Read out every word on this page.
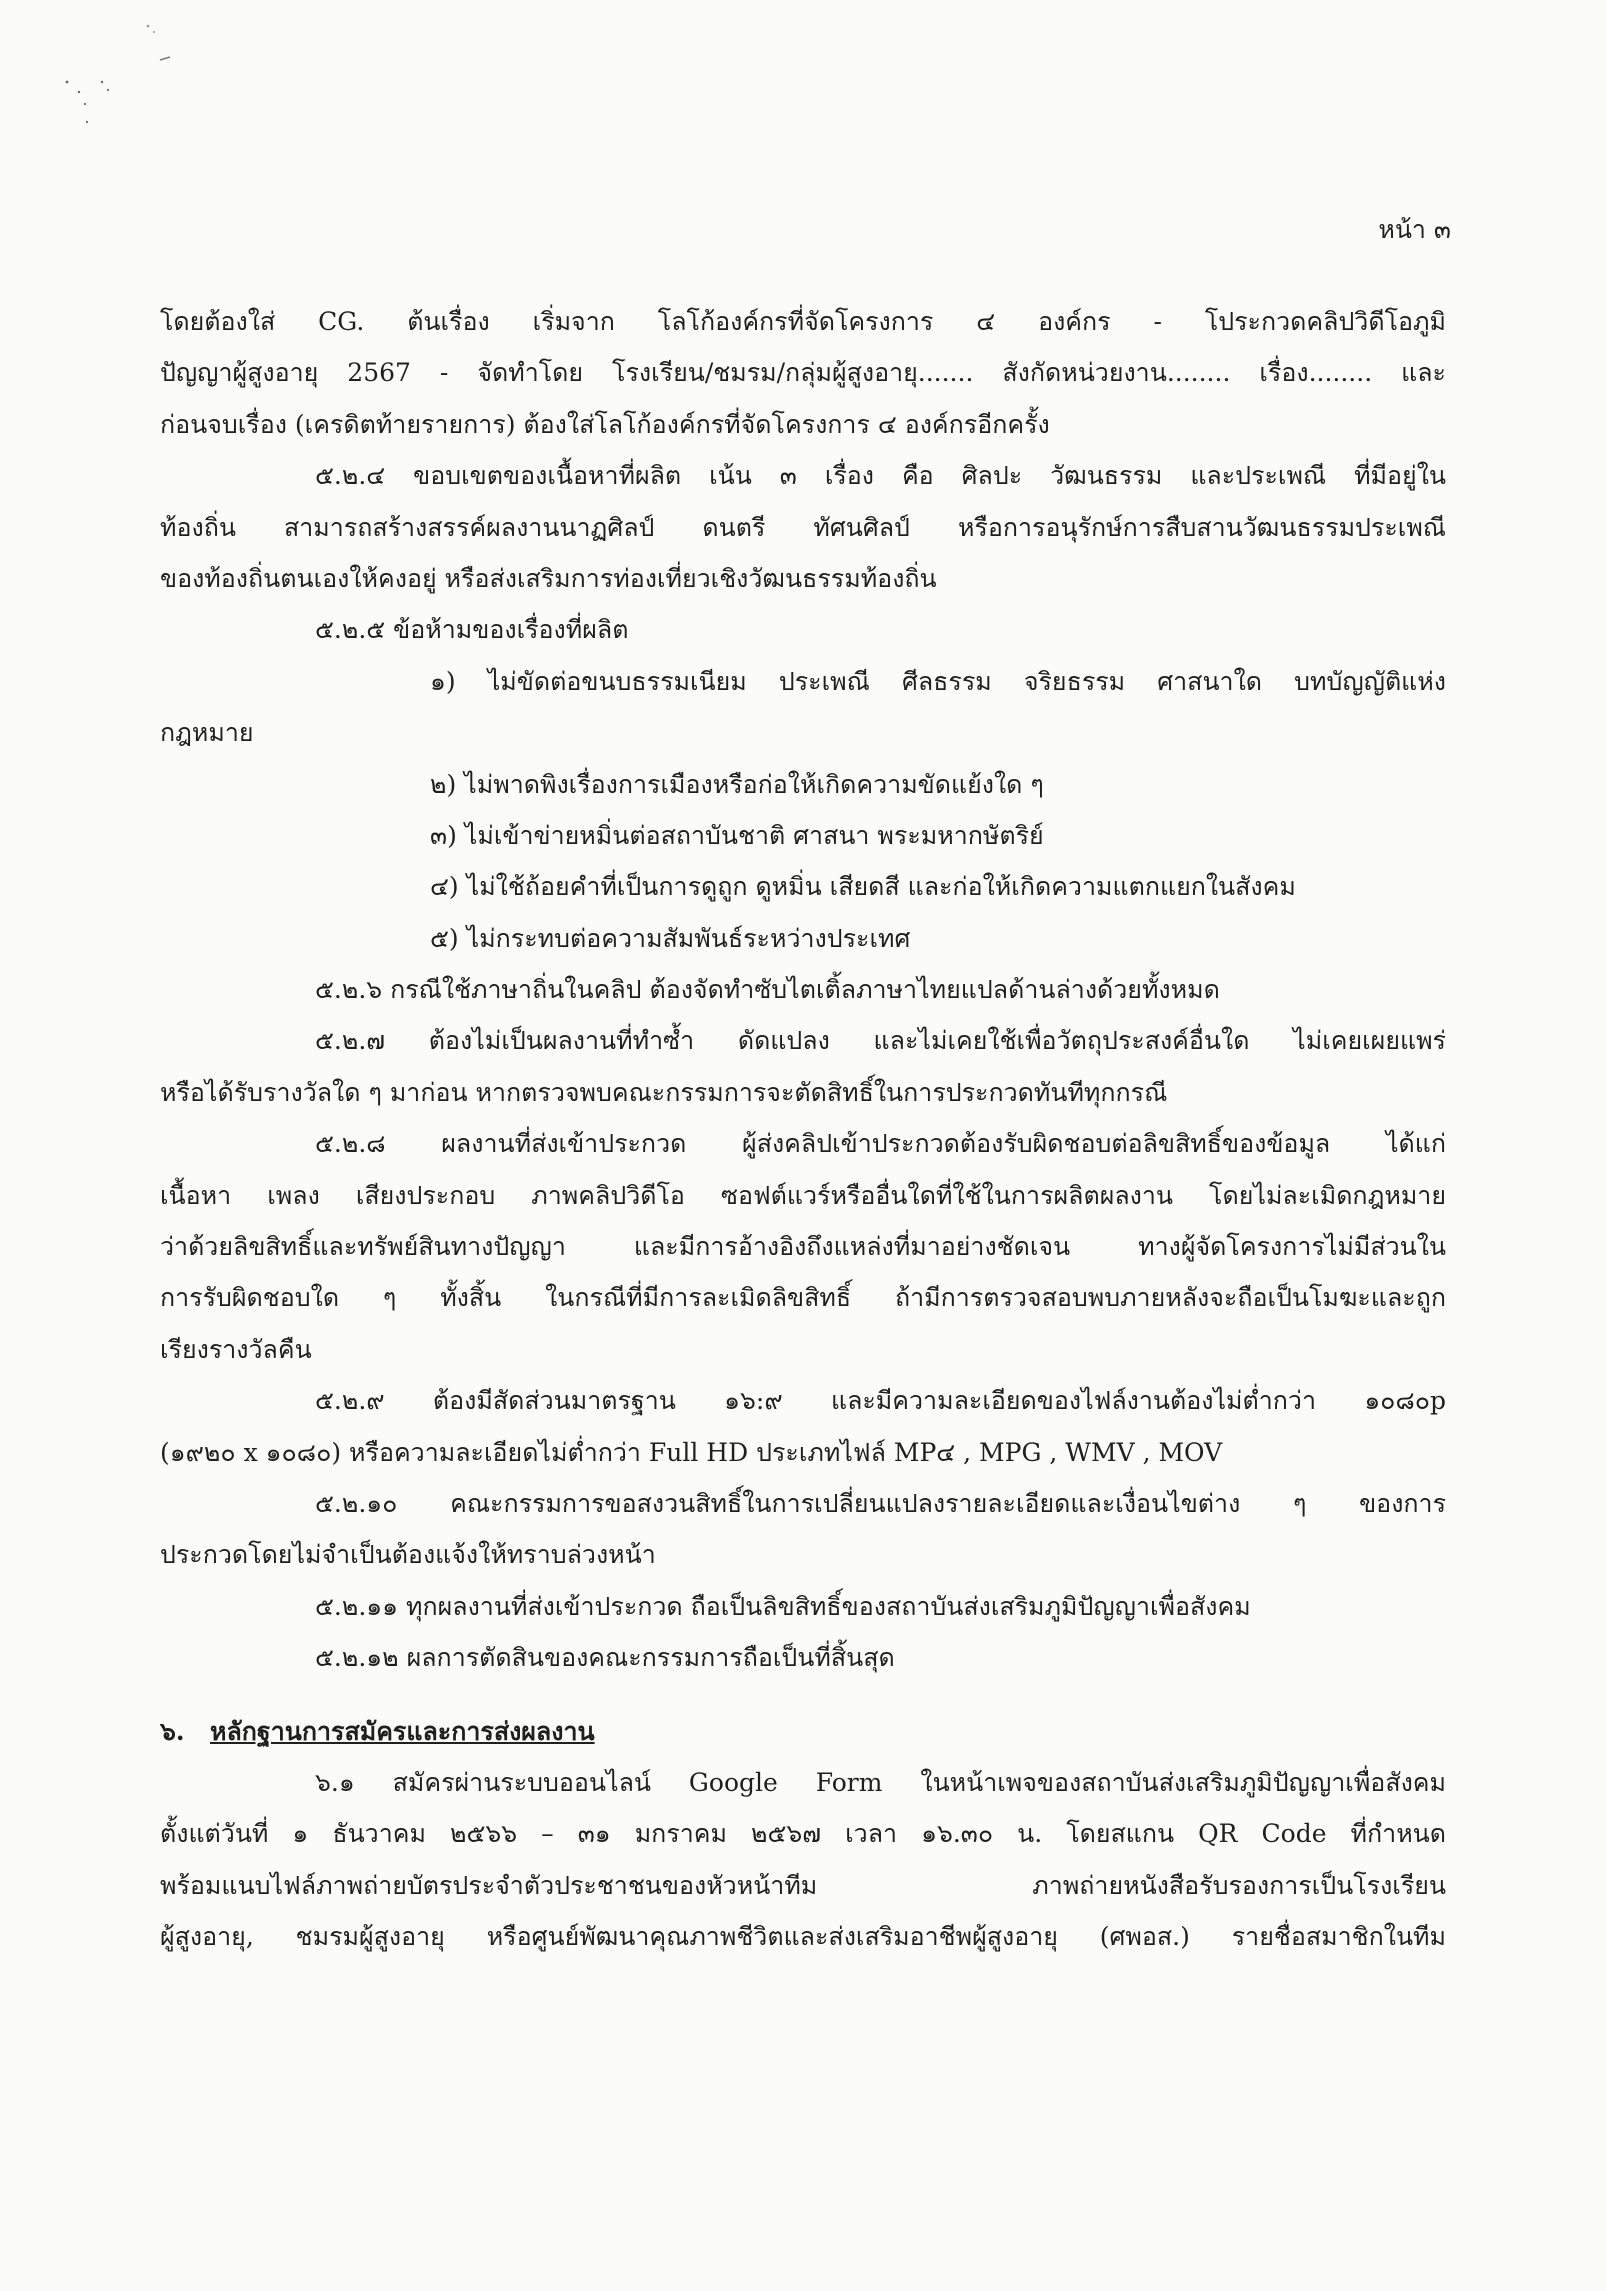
หน้า ๓
โดยต้องใส่ CG. ต้นเรื่อง เริ่มจาก โลโก้องค์กรที่จัดโครงการ ๔ องค์กร - โประกวดคลิปวิดีโอภูมิ
ปัญญาผู้สูงอายุ 2567 - จัดทำโดย โรงเรียน/ชมรม/กลุ่มผู้สูงอายุ....... สังกัดหน่วยงาน........ เรื่อง........ และ
ก่อนจบเรื่อง (เครดิตท้ายรายการ) ต้องใส่โลโก้องค์กรที่จัดโครงการ ๔ องค์กรอีกครั้ง
๕.๒.๔ ขอบเขตของเนื้อหาที่ผลิต เน้น ๓ เรื่อง คือ ศิลปะ วัฒนธรรม และประเพณี ที่มีอยู่ใน
ท้องถิ่น สามารถสร้างสรรค์ผลงานนาฏศิลป์ ดนตรี ทัศนศิลป์ หรือการอนุรักษ์การสืบสานวัฒนธรรมประเพณี
ของท้องถิ่นตนเองให้คงอยู่ หรือส่งเสริมการท่องเที่ยวเชิงวัฒนธรรมท้องถิ่น
๕.๒.๕ ข้อห้ามของเรื่องที่ผลิต
๑) ไม่ขัดต่อขนบธรรมเนียม ประเพณี ศีลธรรม จริยธรรม ศาสนาใด บทบัญญัติแห่ง
กฎหมาย
๒) ไม่พาดพิงเรื่องการเมืองหรือก่อให้เกิดความขัดแย้งใด ๆ
๓) ไม่เข้าข่ายหมิ่นต่อสถาบันชาติ ศาสนา พระมหากษัตริย์
๔) ไม่ใช้ถ้อยคำที่เป็นการดูถูก ดูหมิ่น เสียดสี และก่อให้เกิดความแตกแยกในสังคม
๕) ไม่กระทบต่อความสัมพันธ์ระหว่างประเทศ
๕.๒.๖ กรณีใช้ภาษาถิ่นในคลิป ต้องจัดทำซับไตเติ้ลภาษาไทยแปลด้านล่างด้วยทั้งหมด
๕.๒.๗ ต้องไม่เป็นผลงานที่ทำซ้ำ ดัดแปลง และไม่เคยใช้เพื่อวัตถุประสงค์อื่นใด ไม่เคยเผยแพร่
หรือได้รับรางวัลใด ๆ มาก่อน หากตรวจพบคณะกรรมการจะตัดสิทธิ์ในการประกวดทันทีทุกกรณี
๕.๒.๘ ผลงานที่ส่งเข้าประกวด ผู้ส่งคลิปเข้าประกวดต้องรับผิดชอบต่อลิขสิทธิ์ของข้อมูล ได้แก่
เนื้อหา เพลง เสียงประกอบ ภาพคลิปวิดีโอ ซอฟต์แวร์หรืออื่นใดที่ใช้ในการผลิตผลงาน โดยไม่ละเมิดกฎหมาย
ว่าด้วยลิขสิทธิ์และทรัพย์สินทางปัญญา และมีการอ้างอิงถึงแหล่งที่มาอย่างชัดเจน ทางผู้จัดโครงการไม่มีส่วนใน
การรับผิดชอบใด ๆ ทั้งสิ้น ในกรณีที่มีการละเมิดลิขสิทธิ์ ถ้ามีการตรวจสอบพบภายหลังจะถือเป็นโมฆะและถูก
เรียงรางวัลคืน
๕.๒.๙ ต้องมีสัดส่วนมาตรฐาน ๑๖:๙ และมีความละเอียดของไฟล์งานต้องไม่ต่ำกว่า ๑๐๘๐p
(๑๙๒๐ x ๑๐๘๐) หรือความละเอียดไม่ต่ำกว่า Full HD ประเภทไฟล์ MP๔ , MPG , WMV , MOV
๕.๒.๑๐ คณะกรรมการขอสงวนสิทธิ์ในการเปลี่ยนแปลงรายละเอียดและเงื่อนไขต่าง ๆ ของการ
ประกวดโดยไม่จำเป็นต้องแจ้งให้ทราบล่วงหน้า
๕.๒.๑๑ ทุกผลงานที่ส่งเข้าประกวด ถือเป็นลิขสิทธิ์ของสถาบันส่งเสริมภูมิปัญญาเพื่อสังคม
๕.๒.๑๒ ผลการตัดสินของคณะกรรมการถือเป็นที่สิ้นสุด
๖. หลักฐานการสมัครและการส่งผลงาน
๖.๑ สมัครผ่านระบบออนไลน์ Google Form ในหน้าเพจของสถาบันส่งเสริมภูมิปัญญาเพื่อสังคม
ตั้งแต่วันที่ ๑ ธันวาคม ๒๕๖๖ – ๓๑ มกราคม ๒๕๖๗ เวลา ๑๖.๓๐ น. โดยสแกน QR Code ที่กำหนด
พร้อมแนบไฟล์ภาพถ่ายบัตรประจำตัวประชาชนของหัวหน้าทีม ภาพถ่ายหนังสือรับรองการเป็นโรงเรียน
ผู้สูงอายุ, ชมรมผู้สูงอายุ หรือศูนย์พัฒนาคุณภาพชีวิตและส่งเสริมอาชีพผู้สูงอายุ (ศพอส.) รายชื่อสมาชิกในทีม
